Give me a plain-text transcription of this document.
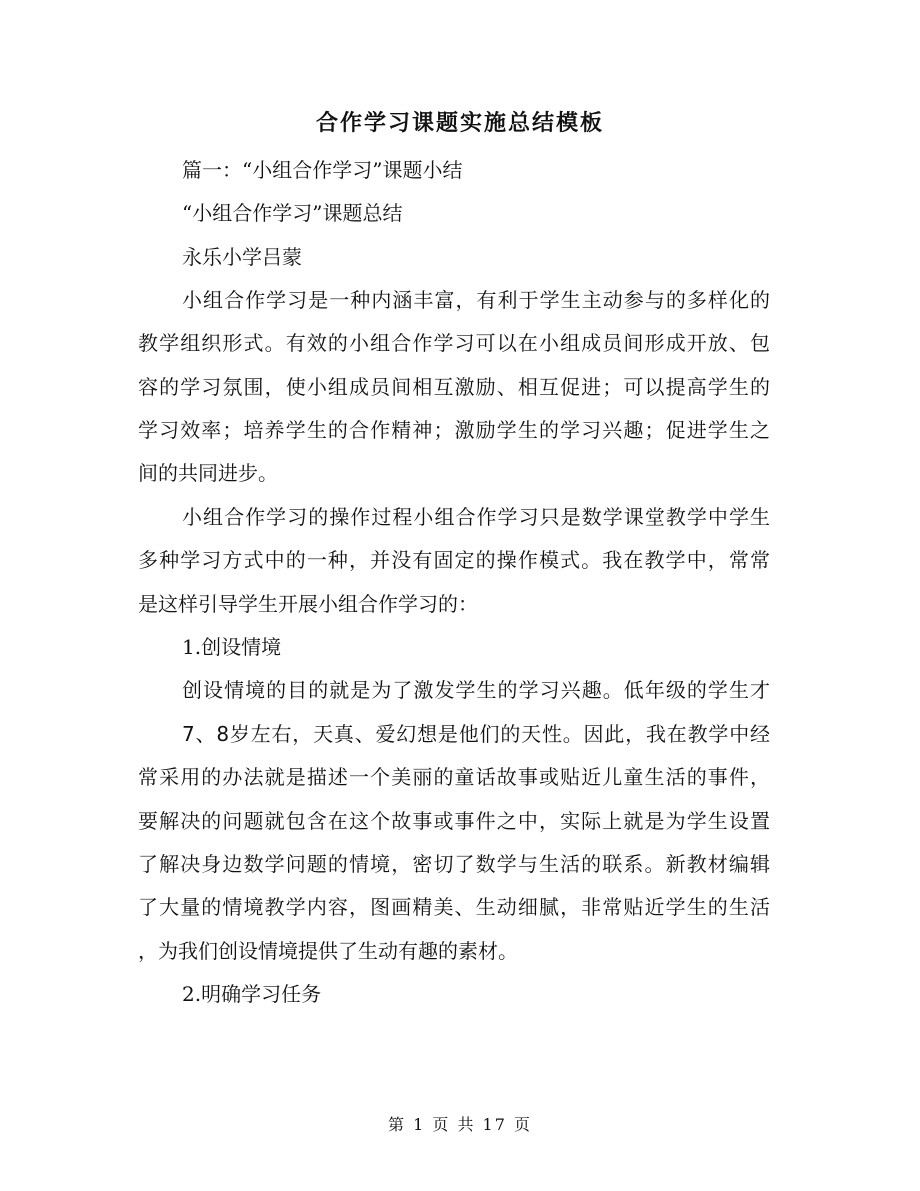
合作学习课题实施总结模板
篇一：“小组合作学习”课题小结
“小组合作学习”课题总结
永乐小学吕蒙
小组合作学习是一种内涵丰富，有利于学生主动参与的多样化的
教学组织形式。有效的小组合作学习可以在小组成员间形成开放、包
容的学习氛围，使小组成员间相互激励、相互促进；可以提高学生的
学习效率；培养学生的合作精神；激励学生的学习兴趣；促进学生之
间的共同进步。
小组合作学习的操作过程小组合作学习只是数学课堂教学中学生
多种学习方式中的一种，并没有固定的操作模式。我在教学中，常常
是这样引导学生开展小组合作学习的：
1.创设情境
创设情境的目的就是为了激发学生的学习兴趣。低年级的学生才
7、8岁左右，天真、爱幻想是他们的天性。因此，我在教学中经
常采用的办法就是描述一个美丽的童话故事或贴近儿童生活的事件，
要解决的问题就包含在这个故事或事件之中，实际上就是为学生设置
了解决身边数学问题的情境，密切了数学与生活的联系。新教材编辑
了大量的情境教学内容，图画精美、生动细腻，非常贴近学生的生活
，为我们创设情境提供了生动有趣的素材。
2.明确学习任务
第 1 页 共 17 页
